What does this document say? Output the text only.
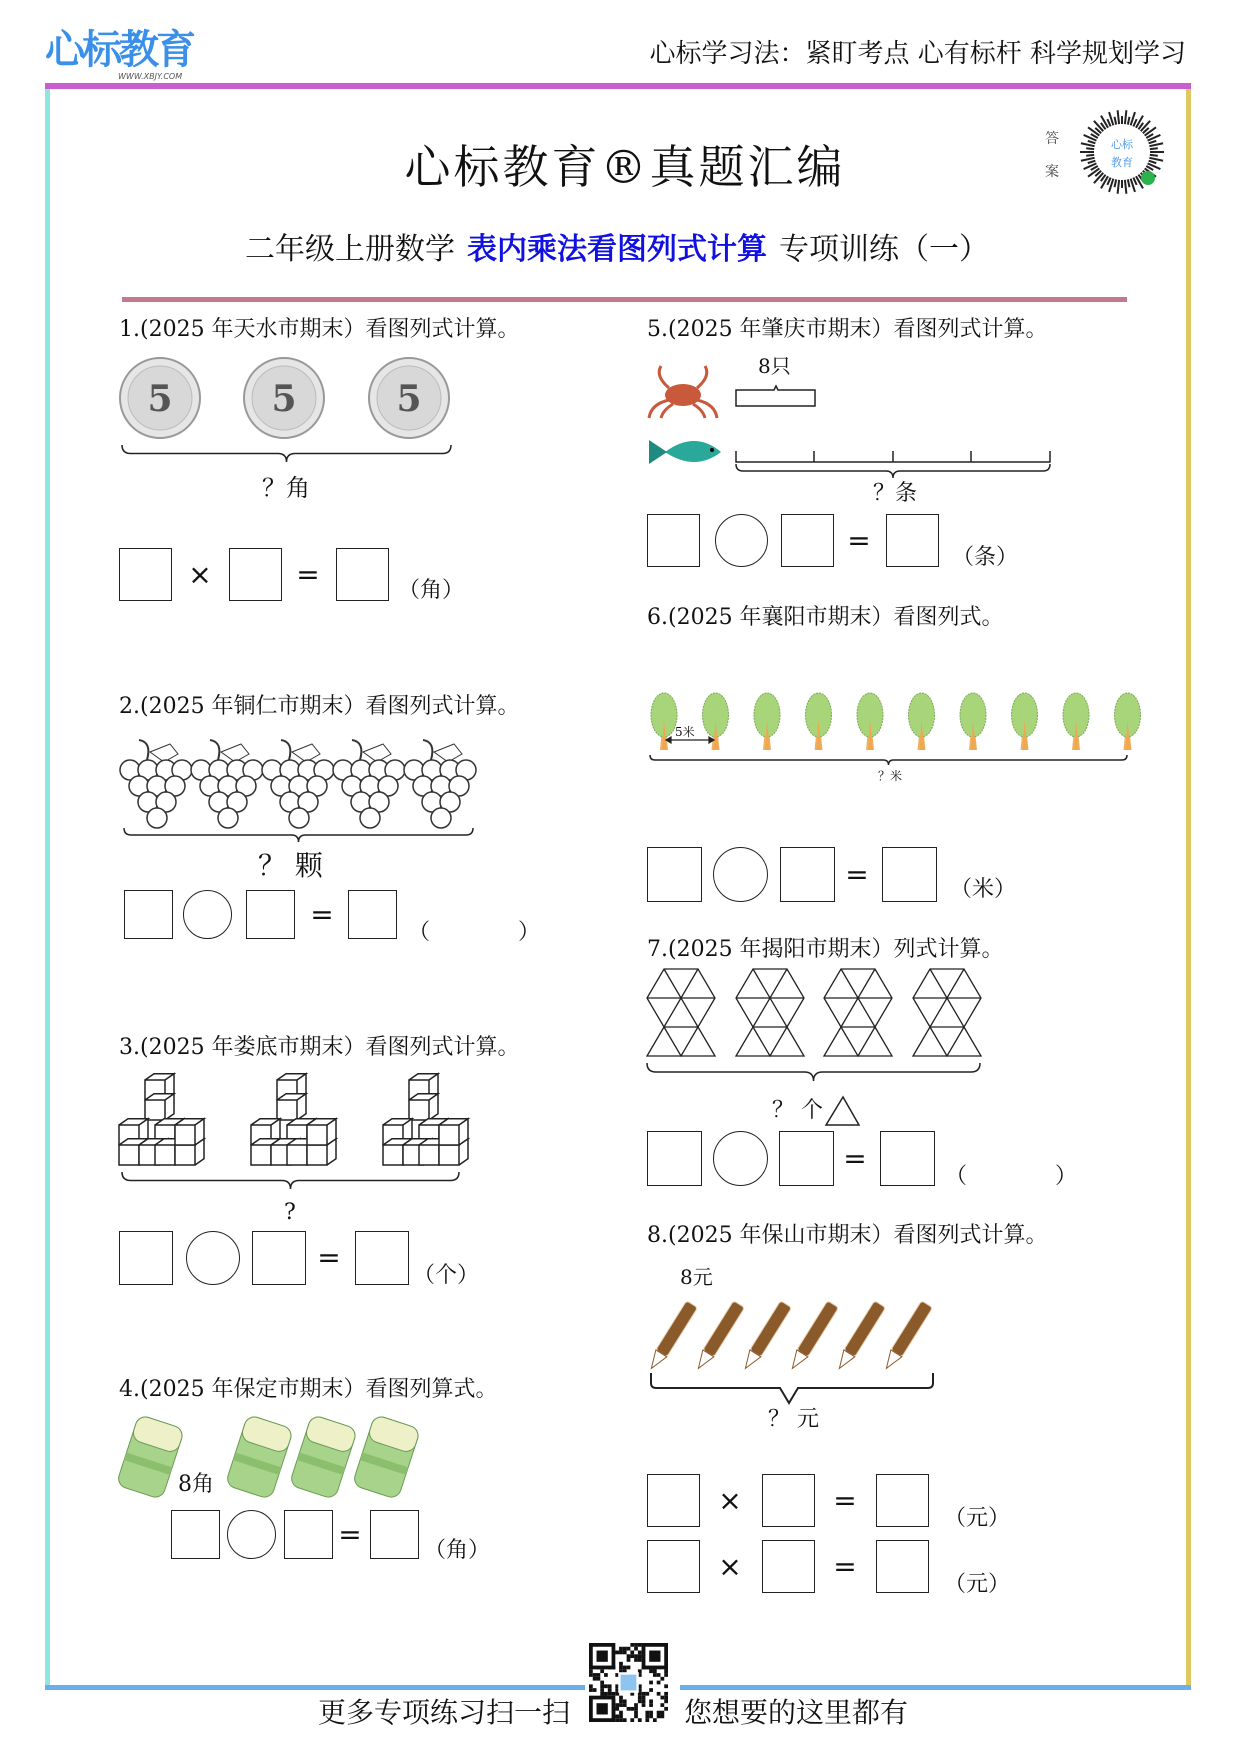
心标
教育
5	5	5
心标教育
WWW.XBJY.COM
心标学习法：紧盯考点 心有标杆 科学规划学习
心标教育®真题汇编
答
案
二年级上册数学 表内乘法看图列式计算 专项训练（一）
更多专项练习扫一扫	您想要的这里都有
1.(2025 年天水市期末）看图列式计算。
2.(2025 年铜仁市期末）看图列式计算。
3.(2025 年娄底市期末）看图列式计算。
4.(2025 年保定市期末）看图列算式。
5.(2025 年肇庆市期末）看图列式计算。
6.(2025 年襄阳市期末）看图列式。
7.(2025 年揭阳市期末）列式计算。
8.(2025 年保山市期末）看图列式计算。
？角
×	=	（角）
？ 颗
=
（　　　　）
?
=
（个）
8角
=	（角）
8只
？条
=
（条）
5米
？米
=	（米）
？ 个
=
（　　　　）
8元
？ 元
×	=
（元）
×	=
（元）
